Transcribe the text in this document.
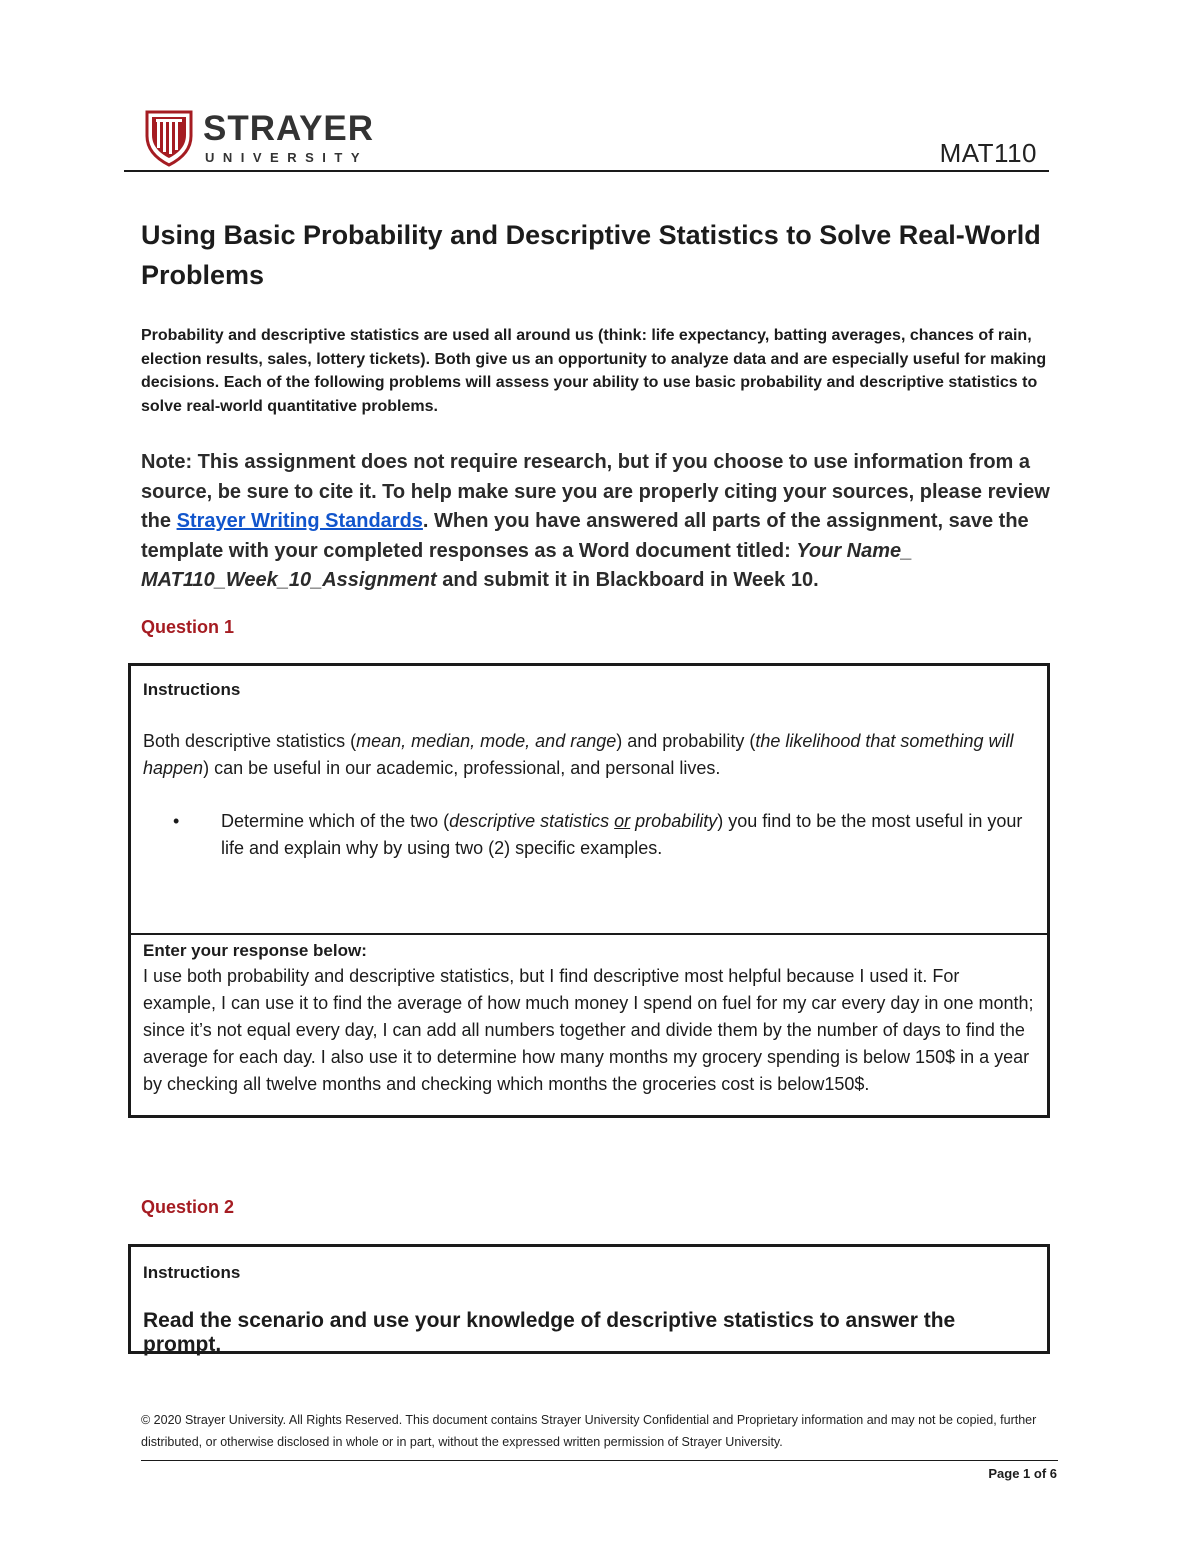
STRAYER
UNIVERSITY	MAT110
Using Basic Probability and Descriptive Statistics to Solve Real-World Problems
Probability and descriptive statistics are used all around us (think: life expectancy, batting averages, chances of rain, election results, sales, lottery tickets). Both give us an opportunity to analyze data and are especially useful for making decisions. Each of the following problems will assess your ability to use basic probability and descriptive statistics to solve real-world quantitative problems.
Note: This assignment does not require research, but if you choose to use information from a source, be sure to cite it. To help make sure you are properly citing your sources, please review the Strayer Writing Standards. When you have answered all parts of the assignment, save the template with your completed responses as a Word document titled: Your Name_ MAT110_Week_10_Assignment and submit it in Blackboard in Week 10.
Question 1
Instructions
Both descriptive statistics (mean, median, mode, and range) and probability (the likelihood that something will happen) can be useful in our academic, professional, and personal lives.
•	Determine which of the two (descriptive statistics or probability) you find to be the most useful in your life and explain why by using two (2) specific examples.
Enter your response below:
I use both probability and descriptive statistics, but I find descriptive most helpful because I used it. For example, I can use it to find the average of how much money I spend on fuel for my car every day in one month; since it’s not equal every day, I can add all numbers together and divide them by the number of days to find the average for each day. I also use it to determine how many months my grocery spending is below 150$ in a year by checking all twelve months and checking which months the groceries cost is below150$.
Question 2
Instructions
Read the scenario and use your knowledge of descriptive statistics to answer the prompt.
© 2020 Strayer University. All Rights Reserved. This document contains Strayer University Confidential and Proprietary information and may not be copied, further distributed, or otherwise disclosed in whole or in part, without the expressed written permission of Strayer University.
Page 1 of 6
